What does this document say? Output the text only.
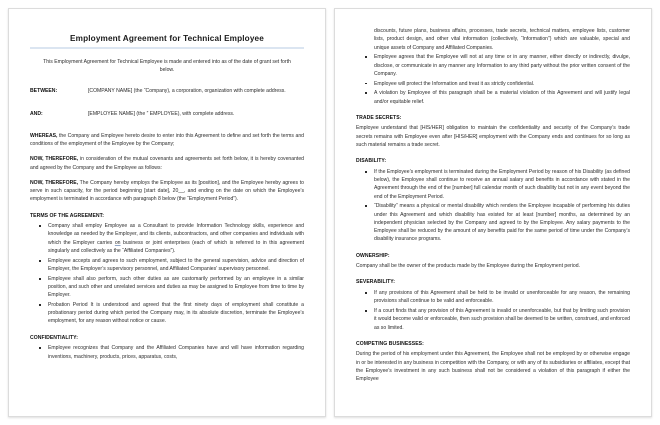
Employment Agreement for Technical Employee
This Employment Agreement for Technical Employee is made and entered into as of the date of grant set forth below.
BETWEEN:	[COMPANY NAME] (the “Company), a corporation, organization with complete address.
AND:	[EMPLOYEE NAME] (the ” EMPLOYEE), with complete address.

WHEREAS, the Company and Employee hereto desire to enter into this Agreement to define and set forth the terms and conditions of the employment of the Employee by the Company;

NOW, THEREFORE, in consideration of the mutual covenants and agreements set forth below, it is hereby covenanted and agreed by the Company and the Employee as follows:

NOW, THEREFORE, The Company hereby employs the Employee as its [position], and the Employee hereby agrees to serve in such capacity, for the period beginning [start date], 20__, and ending on the date on which the Employee’s employment is terminated in accordance with paragraph 8 below (the “Employment Period”).

TERMS OF THE AGREEMENT:
Company shall employ Employee as a Consultant to provide Information Technology skills, experience and knowledge as needed by the Employer, and its clients, subcontractors, and other companies and individuals with which the Employer carries on business or joint enterprises (each of which is referred to in this agreement singularly and collectively as the “Affiliated Companies”).
Employee accepts and agrees to such employment, subject to the general supervision, advice and direction of Employer, the Employer’s supervisory personnel, and Affiliated Companies’ supervisory personnel.
Employee shall also perform, such other duties as are customarily performed by an employee in a similar position, and such other and unrelated services and duties as may be assigned to Employee from time to time by Employer.
Probation Period It is understood and agreed that the first ninety days of employment shall constitute a probationary period during which period the Company may, in its absolute discretion, terminate the Employee’s employment, for any reason without notice or cause.
CONFIDENTIALITY:
Employee recognizes that Company and the Affiliated Companies have and will have information regarding inventions, machinery, products, prices, apparatus, costs,
discounts, future plans, business affairs, processes, trade secrets, technical matters, employee lists, customer lists, product design, and other vital information (collectively, “Information”) which are valuable, special and unique assets of Company and Affiliated Companies.
Employee agrees that the Employee will not at any time or in any manner, either directly or indirectly, divulge, disclose, or communicate in any manner any Information to any third party without the prior written consent of the Company.
Employee will protect the Information and treat it as strictly confidential.
A violation by Employee of this paragraph shall be a material violation of this Agreement and will justify legal and/or equitable relief.
TRADE SECRETS:
Employee understand that [HIS/HER] obligation to maintain the confidentiality and security of the Company’s trade secrets remains with Employee even after [HIS/HER] employment with the Company ends and continues for so long as such material remains a trade secret.
DISABILITY:
If the Employee’s employment is terminated during the Employment Period by reason of his Disability (as defined below), the Employee shall continue to receive an annual salary and benefits in accordance with stated in the Agreement through the end of the [number] full calendar month of such disability but not in any event beyond the end of the Employment Period.
“Disability” means a physical or mental disability which renders the Employee incapable of performing his duties under this Agreement and which disability has existed for at least [number] months, as determined by an independent physician selected by the Company and agreed to by the Employee. Any salary payments to the Employee shall be reduced by the amount of any benefits paid for the same period of time under the Company’s disability insurance programs.
OWNERSHIP:
Company shall be the owner of the products made by the Employee during the Employment period.
SEVERABILITY:
If any provisions of this Agreement shall be held to be invalid or unenforceable for any reason, the remaining provisions shall continue to be valid and enforceable.
If a court finds that any provision of this Agreement is invalid or unenforceable, but that by limiting such provision it would become valid or enforceable, then such provision shall be deemed to be written, construed, and enforced as so limited.
COMPETING BUSINESSES:
During the period of his employment under this Agreement, the Employee shall not be employed by or otherwise engage in or be interested in any business in competition with the Company, or with any of its subsidiaries or affiliates, except that the Employee’s investment in any such business shall not be considered a violation of this paragraph if either the Employee
